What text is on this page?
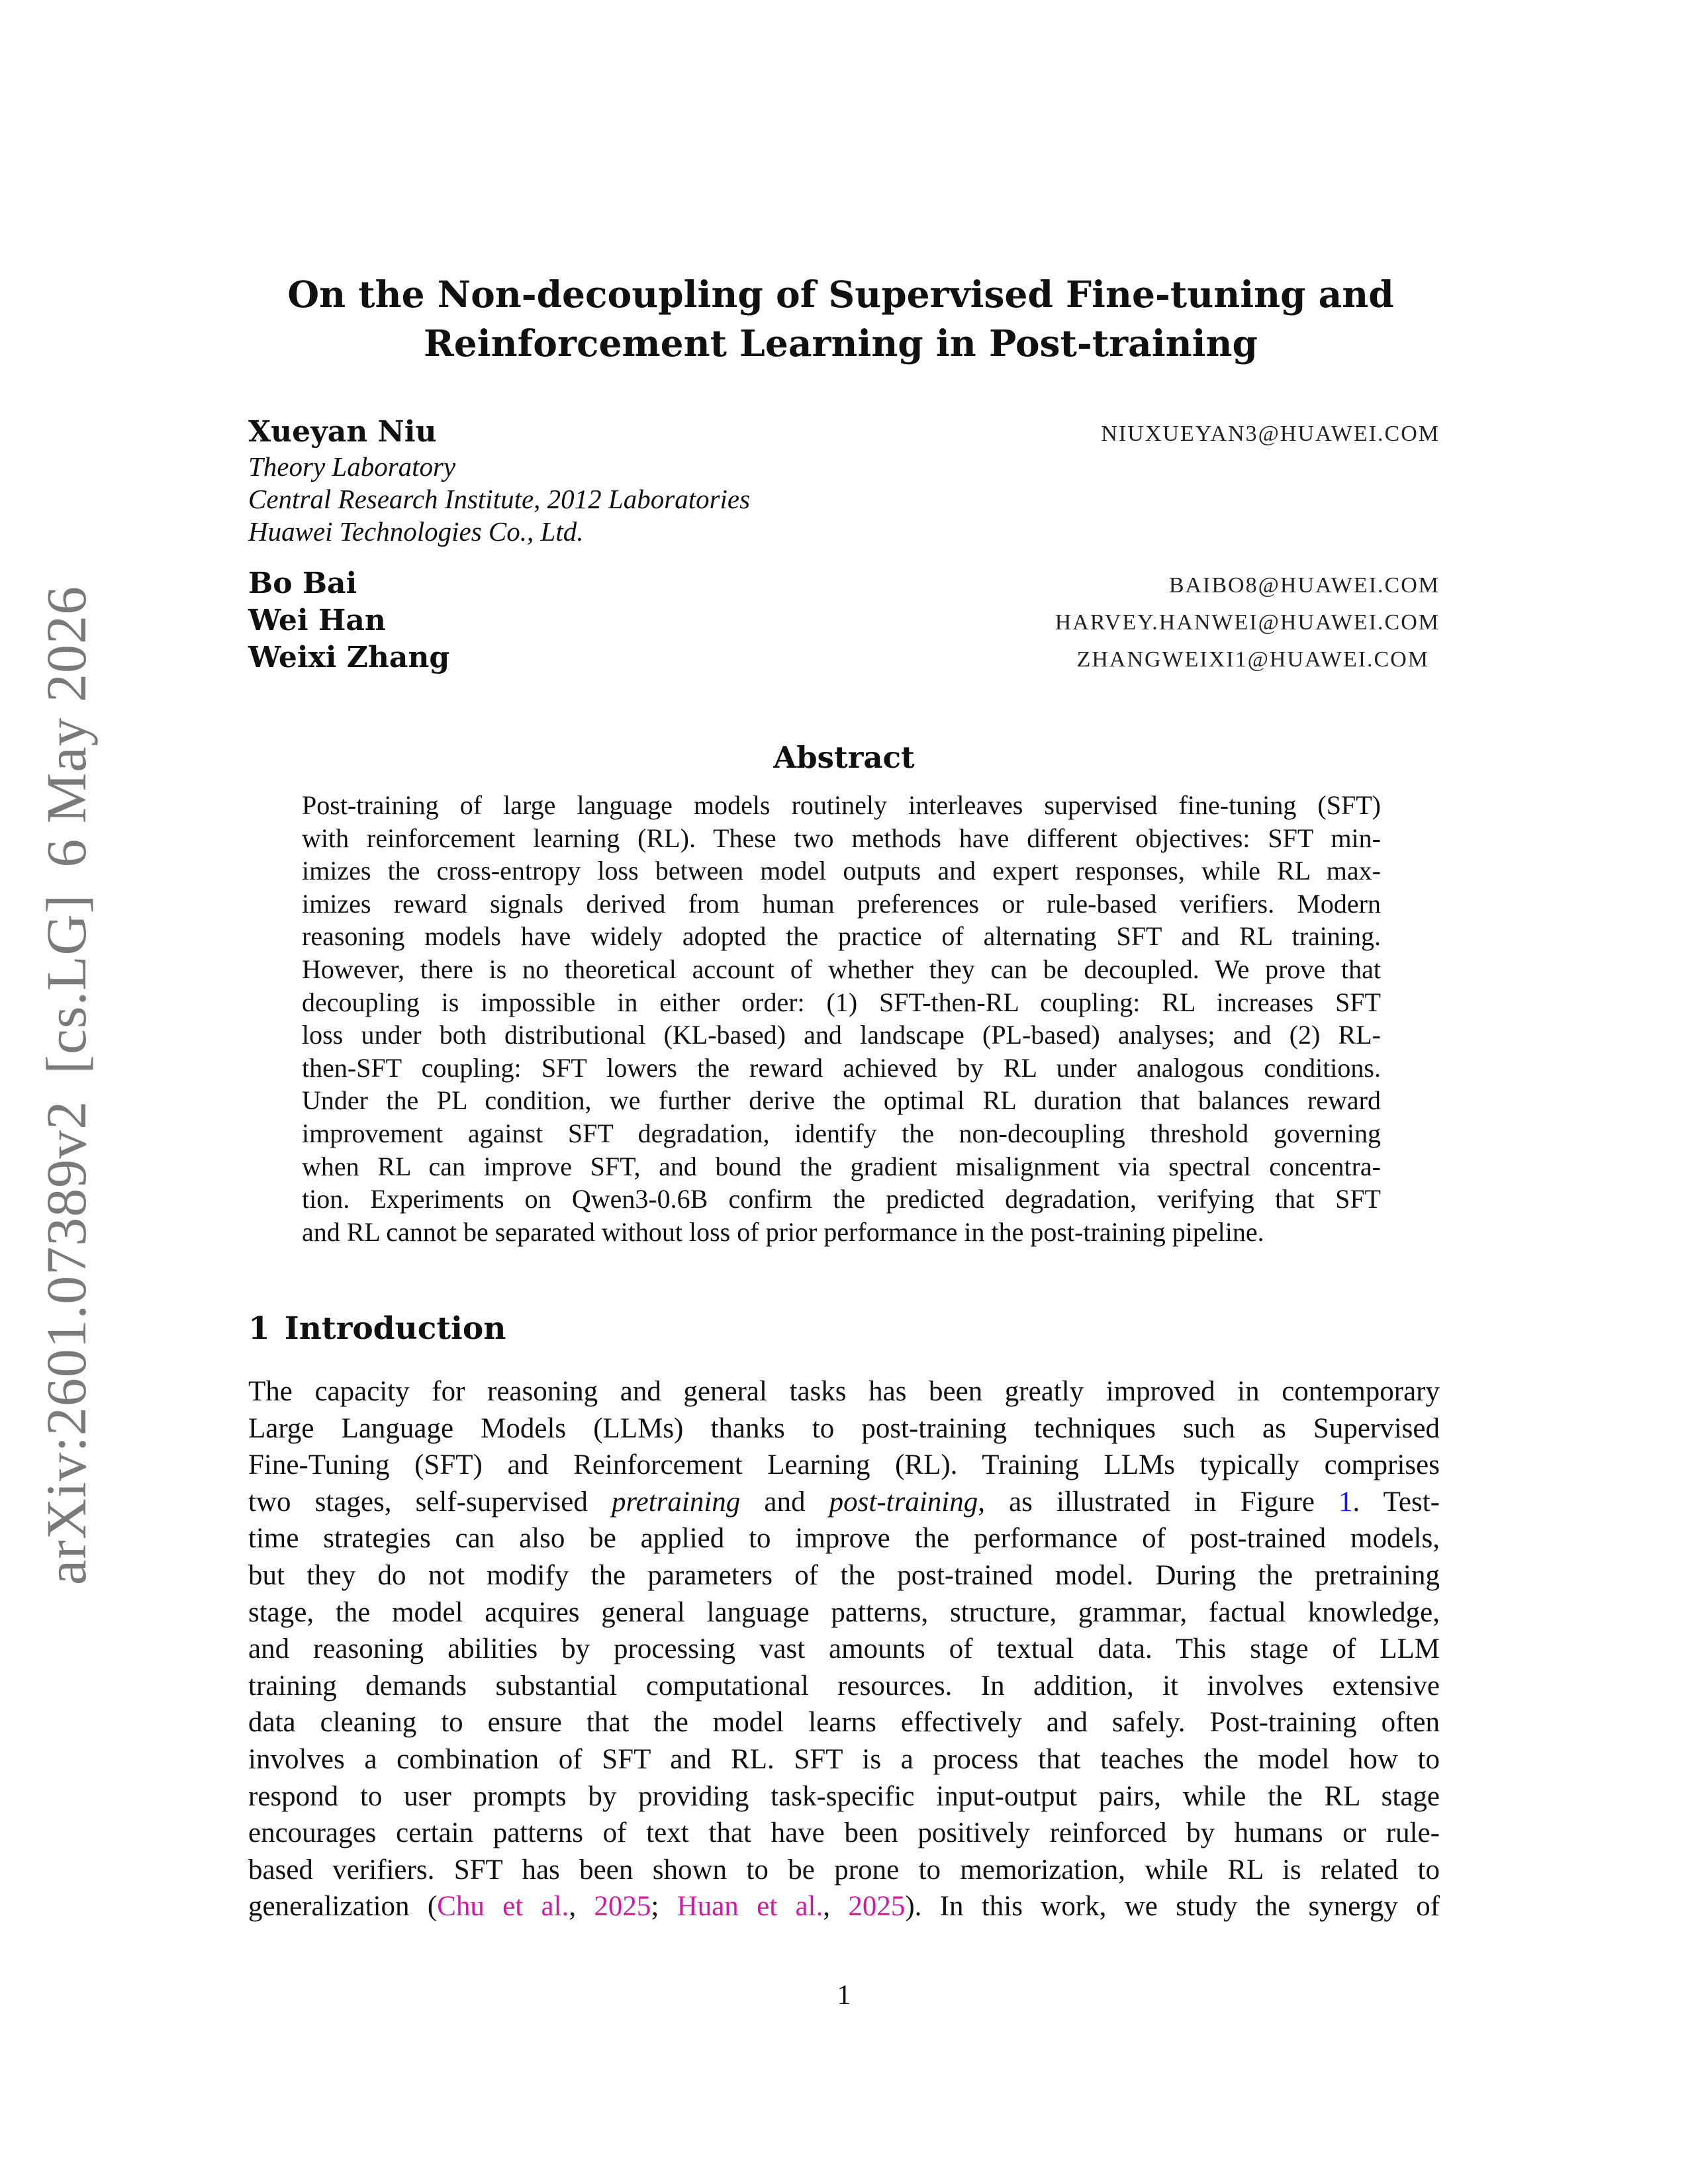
arXiv:2601.07389v2[cs.LG]6 May 2026
On the Non-decoupling of Supervised Fine-tuning and
Reinforcement Learning in Post-training
Xueyan Niu	NIUXUEYAN3@HUAWEI.COM
Theory Laboratory
Central Research Institute, 2012 Laboratories
Huawei Technologies Co., Ltd.
Bo Bai	BAIBO8@HUAWEI.COM
Wei Han	HARVEY.HANWEI@HUAWEI.COM
Weixi Zhang	ZHANGWEIXI1@HUAWEI.COM
Abstract
Post-training of large language models routinely interleaves supervised fine-tuning (SFT)
with reinforcement learning (RL). These two methods have different objectives: SFT min-
imizes the cross-entropy loss between model outputs and expert responses, while RL max-
imizes reward signals derived from human preferences or rule-based verifiers. Modern
reasoning models have widely adopted the practice of alternating SFT and RL training.
However, there is no theoretical account of whether they can be decoupled. We prove that
decoupling is impossible in either order: (1) SFT-then-RL coupling: RL increases SFT
loss under both distributional (KL-based) and landscape (PL-based) analyses; and (2) RL-
then-SFT coupling: SFT lowers the reward achieved by RL under analogous conditions.
Under the PL condition, we further derive the optimal RL duration that balances reward
improvement against SFT degradation, identify the non-decoupling threshold governing
when RL can improve SFT, and bound the gradient misalignment via spectral concentra-
tion. Experiments on Qwen3-0.6B confirm the predicted degradation, verifying that SFT
and RL cannot be separated without loss of prior performance in the post-training pipeline.
1 Introduction
The capacity for reasoning and general tasks has been greatly improved in contemporary
Large Language Models (LLMs) thanks to post-training techniques such as Supervised
Fine-Tuning (SFT) and Reinforcement Learning (RL). Training LLMs typically comprises
two stages, self-supervised pretraining and post-training, as illustrated in Figure 1. Test-
time strategies can also be applied to improve the performance of post-trained models,
but they do not modify the parameters of the post-trained model. During the pretraining
stage, the model acquires general language patterns, structure, grammar, factual knowledge,
and reasoning abilities by processing vast amounts of textual data. This stage of LLM
training demands substantial computational resources. In addition, it involves extensive
data cleaning to ensure that the model learns effectively and safely. Post-training often
involves a combination of SFT and RL. SFT is a process that teaches the model how to
respond to user prompts by providing task-specific input-output pairs, while the RL stage
encourages certain patterns of text that have been positively reinforced by humans or rule-
based verifiers. SFT has been shown to be prone to memorization, while RL is related to
generalization (Chu et al., 2025; Huan et al., 2025). In this work, we study the synergy of
1
